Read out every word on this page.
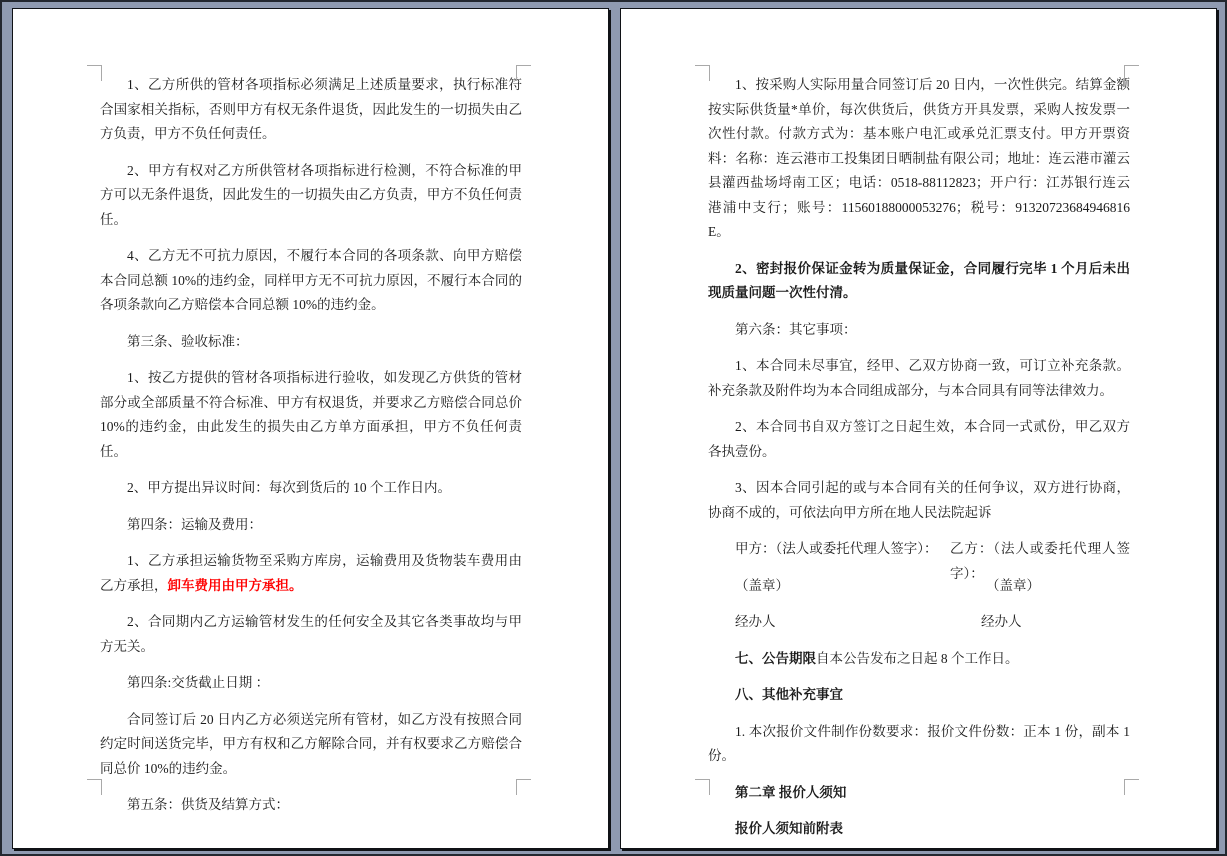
1、乙方所供的管材各项指标必须满足上述质量要求，执行标准符合国家相关指标，否则甲方有权无条件退货，因此发生的一切损失由乙方负责，甲方不负任何责任。
2、甲方有权对乙方所供管材各项指标进行检测，不符合标准的甲方可以无条件退货，因此发生的一切损失由乙方负责，甲方不负任何责任。
4、乙方无不可抗力原因，不履行本合同的各项条款、向甲方赔偿本合同总额 10%的违约金，同样甲方无不可抗力原因，不履行本合同的各项条款向乙方赔偿本合同总额 10%的违约金。
第三条、验收标准：
1、按乙方提供的管材各项指标进行验收，如发现乙方供货的管材部分或全部质量不符合标准、甲方有权退货，并要求乙方赔偿合同总价 10%的违约金，由此发生的损失由乙方单方面承担，甲方不负任何责任。
2、甲方提出异议时间：每次到货后的 10 个工作日内。
第四条：运输及费用：
1、乙方承担运输货物至采购方库房，运输费用及货物装车费用由乙方承担，卸车费用由甲方承担。
2、合同期内乙方运输管材发生的任何安全及其它各类事故均与甲方无关。
第四条:交货截止日期 ：
合同签订后 20 日内乙方必须送完所有管材，如乙方没有按照合同约定时间送货完毕，甲方有权和乙方解除合同，并有权要求乙方赔偿合同总价 10%的违约金。
第五条：供货及结算方式：
1、按采购人实际用量合同签订后 20 日内，一次性供完。结算金额按实际供货量*单价，每次供货后，供货方开具发票，采购人按发票一次性付款。付款方式为：基本账户电汇或承兑汇票支付。甲方开票资料：名称：连云港市工投集团日晒制盐有限公司；地址：连云港市灌云县灌西盐场埒南工区；电话：0518-88112823；开户行：江苏银行连云港浦中支行；账号：11560188000053276；税号：91320723684946816E。
2、密封报价保证金转为质量保证金，合同履行完毕 1 个月后未出现质量问题一次性付清。
第六条：其它事项：
1、本合同未尽事宜，经甲、乙双方协商一致，可订立补充条款。补充条款及附件均为本合同组成部分，与本合同具有同等法律效力。
2、本合同书自双方签订之日起生效，本合同一式贰份，甲乙双方各执壹份。
3、因本合同引起的或与本合同有关的任何争议，双方进行协商，协商不成的，可依法向甲方所在地人民法院起诉
甲方：（法人或委托代理人签字）： 乙方：（法人或委托代理人签字）：
（盖章）	（盖章）
经办人	经办人
七、公告期限自本公告发布之日起 8 个工作日。
八、其他补充事宜
1. 本次报价文件制作份数要求：报价文件份数：正本 1 份，副本 1 份。
第二章 报价人须知
报价人须知前附表
